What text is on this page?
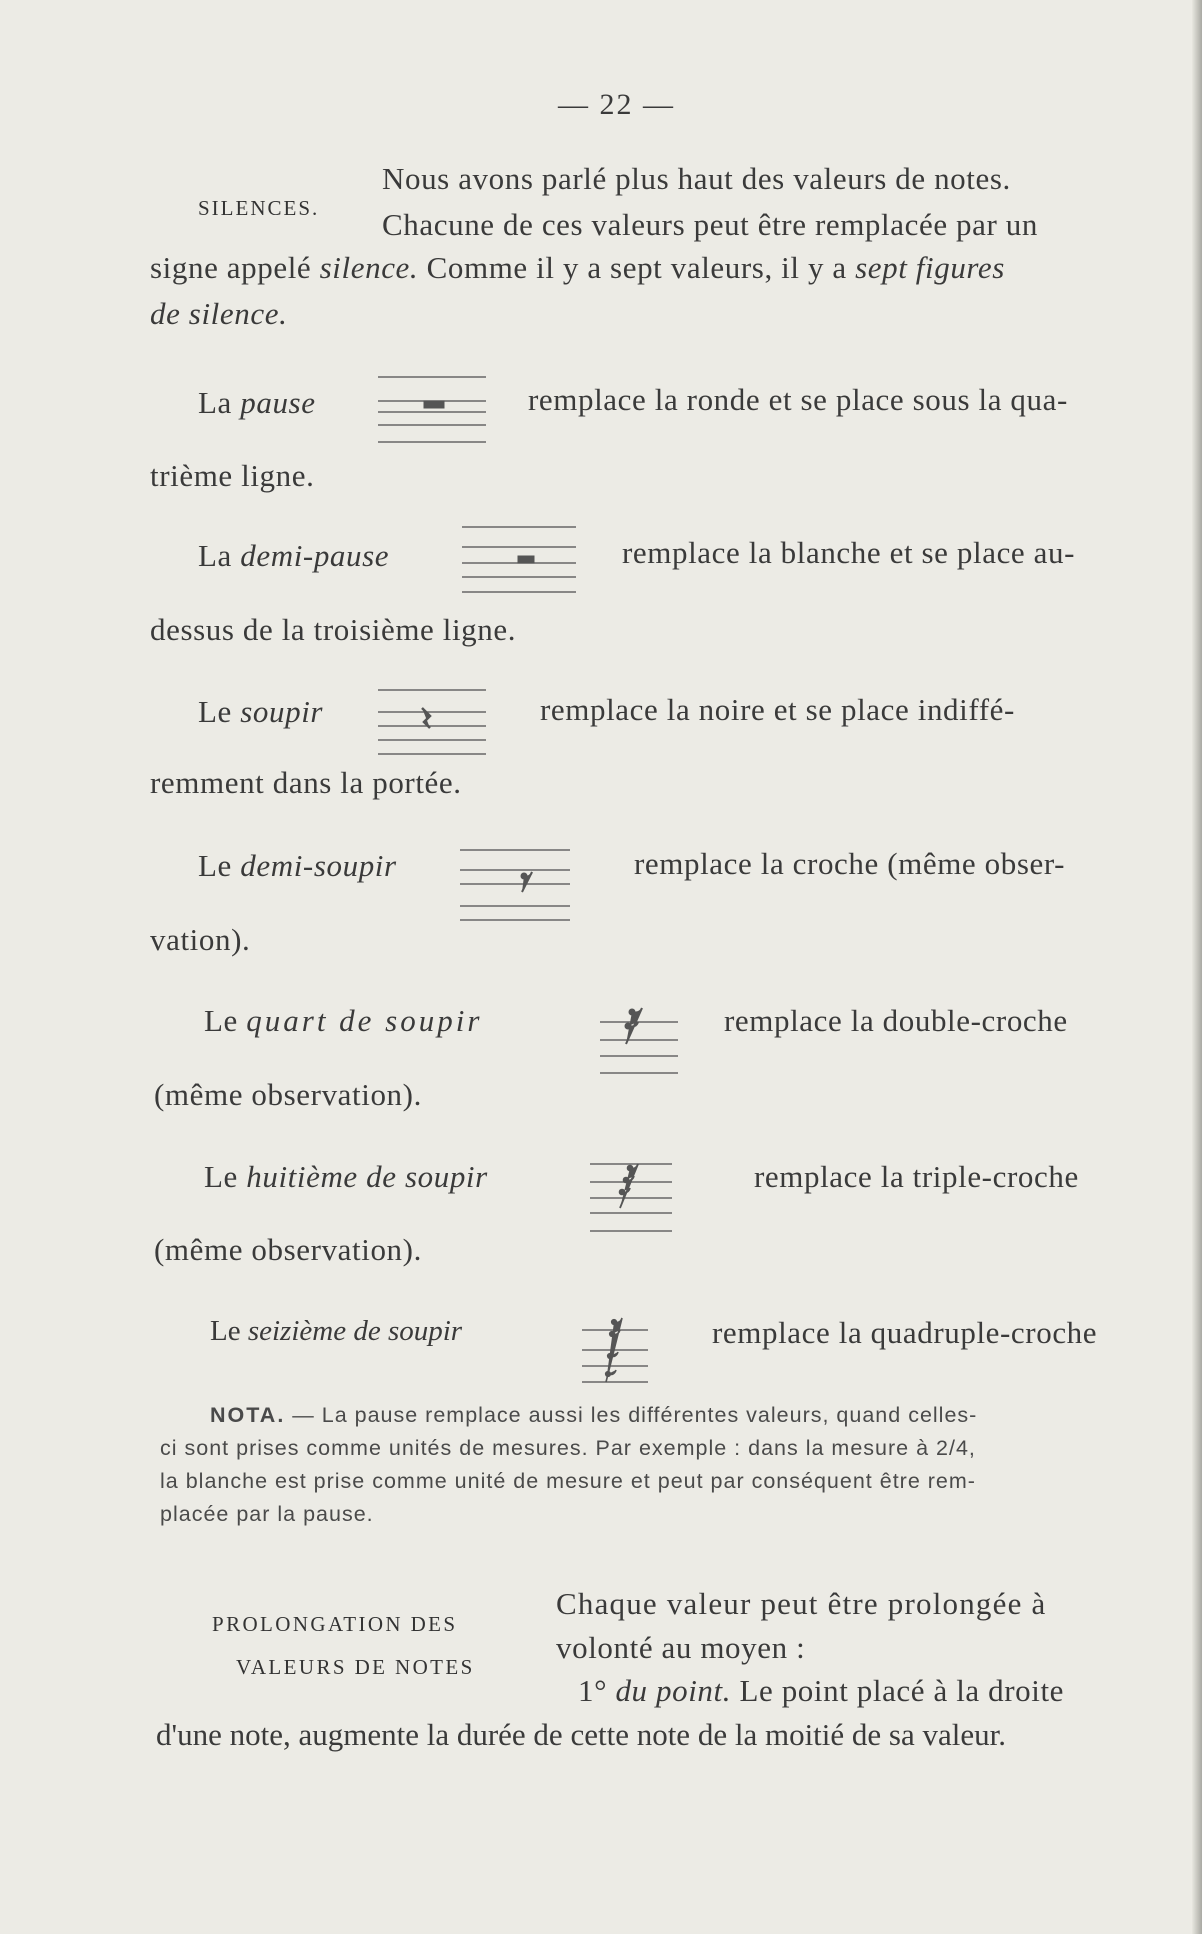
— 22 —
SILENCES.
Nous avons parlé plus haut des valeurs de notes.
Chacune de ces valeurs peut être remplacée par un
signe appelé silence. Comme il y a sept valeurs, il y a sept figures
de silence.
La pause	remplace la ronde et se place sous la qua-
trième ligne.
La demi-pause	remplace la blanche et se place au-
dessus de la troisième ligne.
Le soupir	remplace la noire et se place indiffé-
remment dans la portée.
Le demi-soupir	remplace la croche (même obser-
vation).
Le quart de soupir	remplace la double-croche
(même observation).
Le huitième de soupir	remplace la triple-croche
(même observation).
Le seizième de soupir	remplace la quadruple-croche
NOTA. — La pause remplace aussi les différentes valeurs, quand celles-
ci sont prises comme unités de mesures. Par exemple : dans la mesure à 2/4,
la blanche est prise comme unité de mesure et peut par conséquent être rem-
placée par la pause.
PROLONGATION DES
VALEURS DE NOTES
Chaque valeur peut être prolongée à
volonté au moyen :
1° du point. Le point placé à la droite
d'une note, augmente la durée de cette note de la moitié de sa valeur.
